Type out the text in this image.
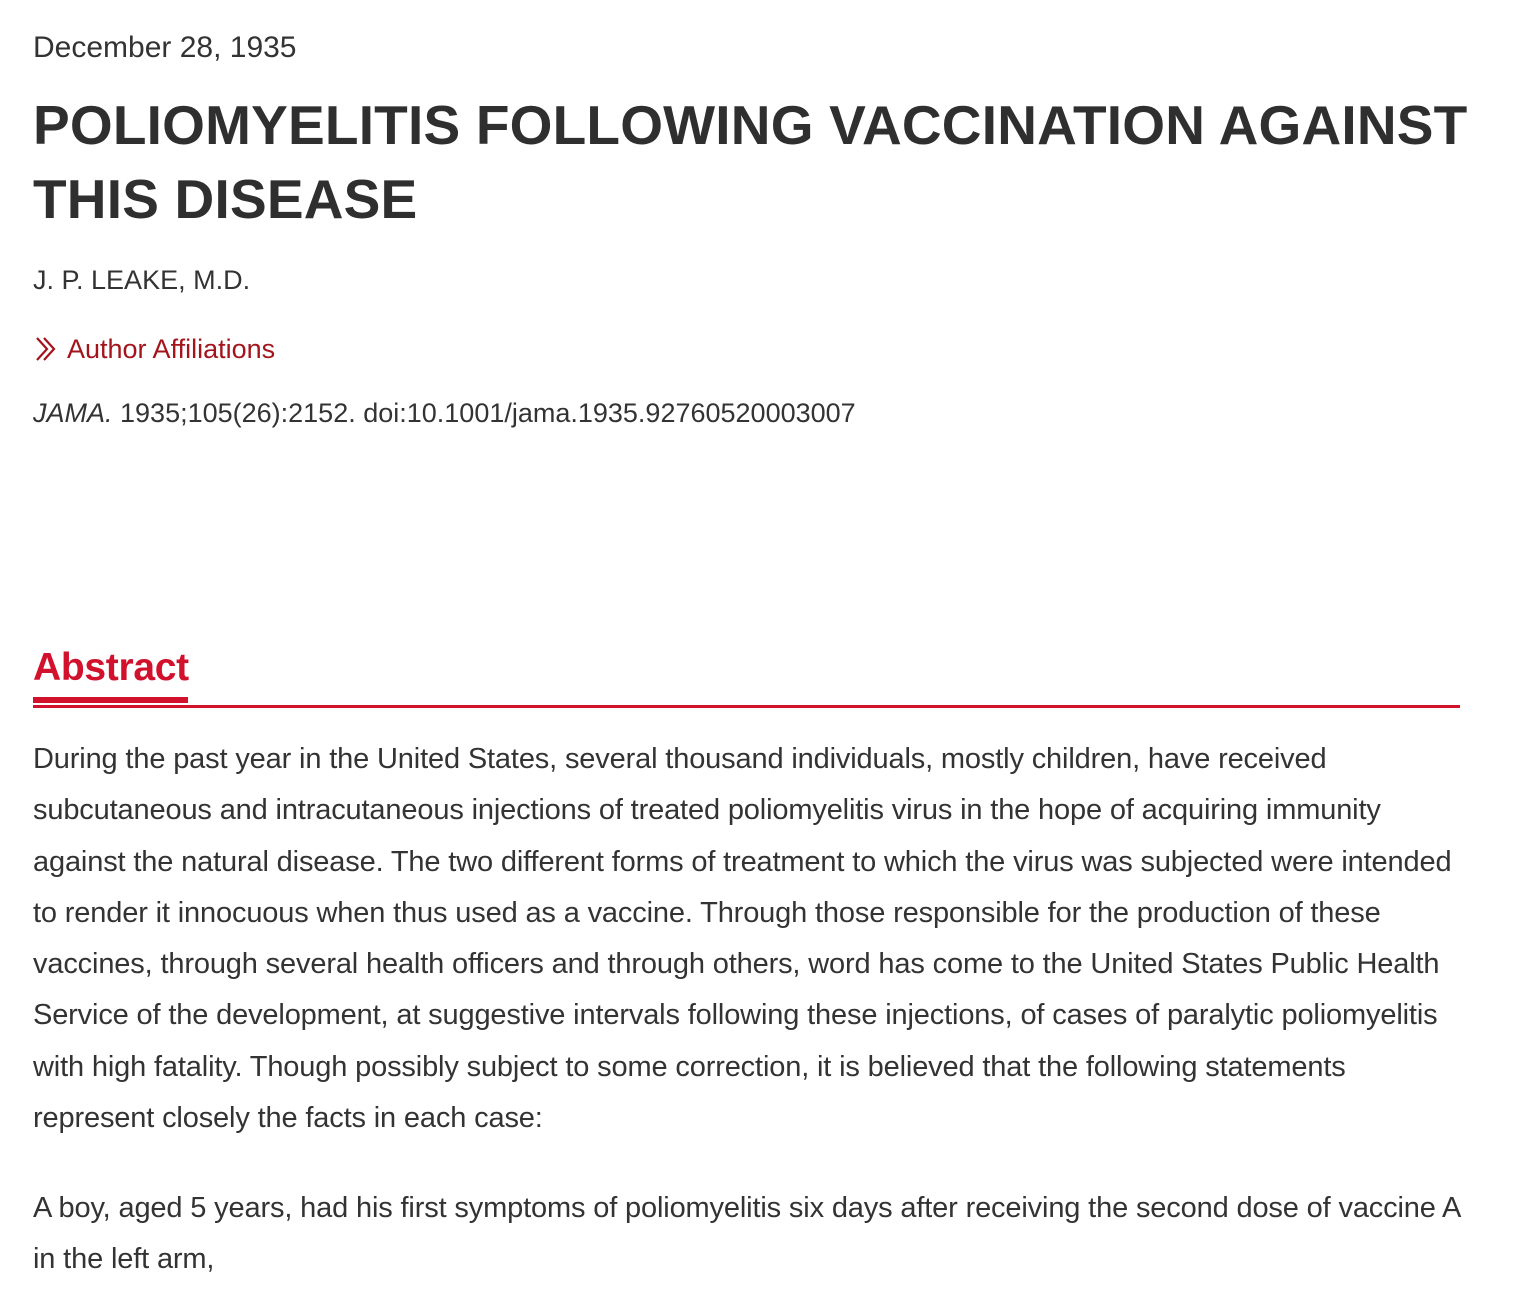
December 28, 1935
POLIOMYELITIS FOLLOWING VACCINATION AGAINST THIS DISEASE
J. P. LEAKE, M.D.
Author Affiliations
JAMA. 1935;105(26):2152. doi:10.1001/jama.1935.92760520003007
Abstract

During the past year in the United States, several thousand individuals, mostly children, have received subcutaneous and intracutaneous injections of treated poliomyelitis virus in the hope of acquiring immunity against the natural disease. The two different forms of treatment to which the virus was subjected were intended to render it innocuous when thus used as a vaccine. Through those responsible for the production of these vaccines, through several health officers and through others, word has come to the United States Public Health Service of the development, at suggestive intervals following these injections, of cases of paralytic poliomyelitis with high fatality. Though possibly subject to some correction, it is believed that the following statements represent closely the facts in each case:

A boy, aged 5 years, had his first symptoms of poliomyelitis six days after receiving the second dose of vaccine A in the left arm,
